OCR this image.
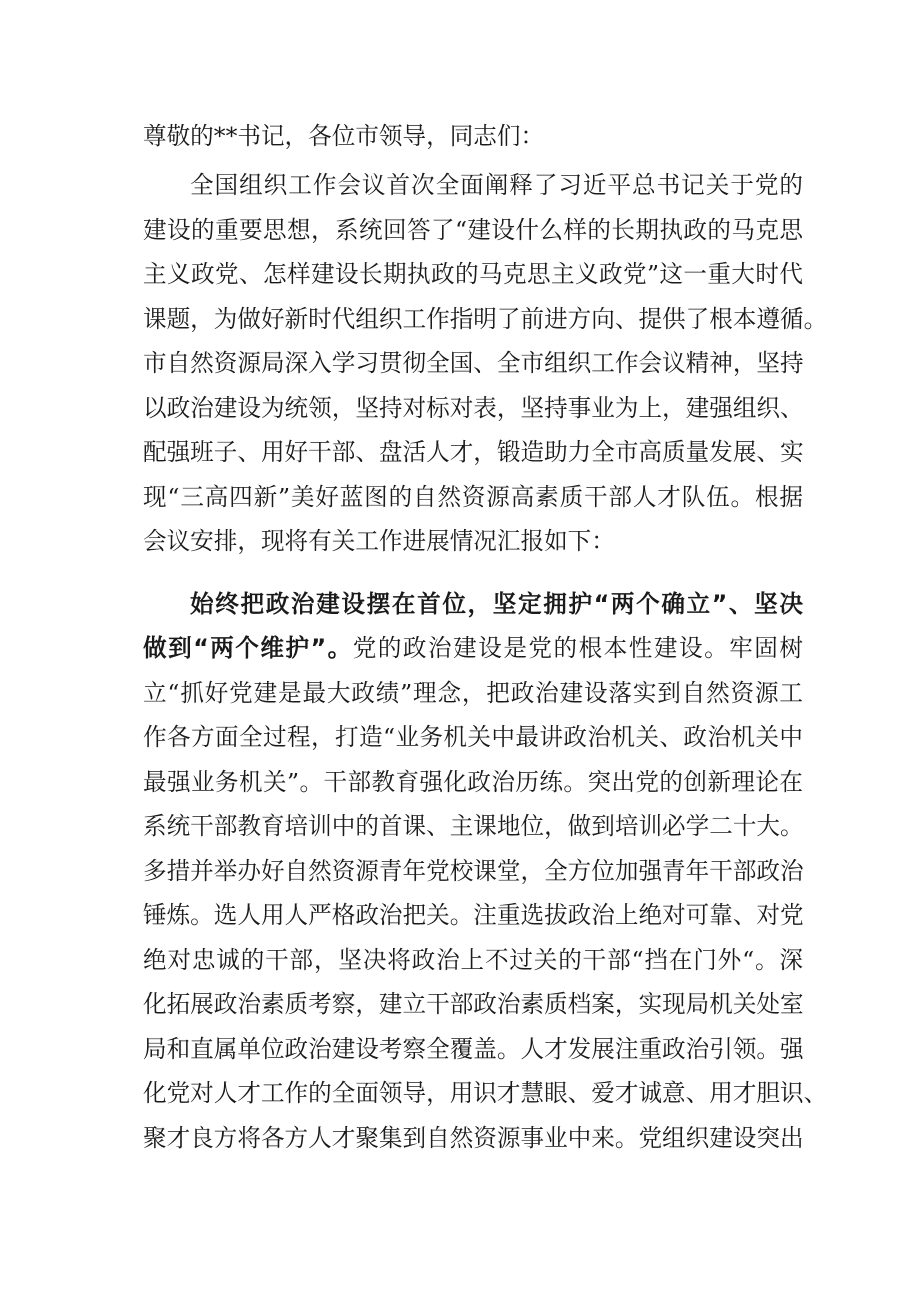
尊敬的**书记，各位市领导，同志们：
全国组织工作会议首次全面阐释了习近平总书记关于党的
建设的重要思想，系统回答了“建设什么样的长期执政的马克思
主义政党、怎样建设长期执政的马克思主义政党”这一重大时代
课题，为做好新时代组织工作指明了前进方向、提供了根本遵循。
市自然资源局深入学习贯彻全国、全市组织工作会议精神，坚持
以政治建设为统领，坚持对标对表，坚持事业为上，建强组织、
配强班子、用好干部、盘活人才，锻造助力全市高质量发展、实
现“三高四新”美好蓝图的自然资源高素质干部人才队伍。根据
会议安排，现将有关工作进展情况汇报如下：
始终把政治建设摆在首位，坚定拥护“两个确立”、坚决
做到“两个维护”。党的政治建设是党的根本性建设。牢固树
立“抓好党建是最大政绩”理念，把政治建设落实到自然资源工
作各方面全过程，打造“业务机关中最讲政治机关、政治机关中
最强业务机关”。干部教育强化政治历练。突出党的创新理论在
系统干部教育培训中的首课、主课地位，做到培训必学二十大。
多措并举办好自然资源青年党校课堂，全方位加强青年干部政治
锤炼。选人用人严格政治把关。注重选拔政治上绝对可靠、对党
绝对忠诚的干部，坚决将政治上不过关的干部“挡在门外“。深
化拓展政治素质考察，建立干部政治素质档案，实现局机关处室
局和直属单位政治建设考察全覆盖。人才发展注重政治引领。强
化党对人才工作的全面领导，用识才慧眼、爱才诚意、用才胆识、
聚才良方将各方人才聚集到自然资源事业中来。党组织建设突出
